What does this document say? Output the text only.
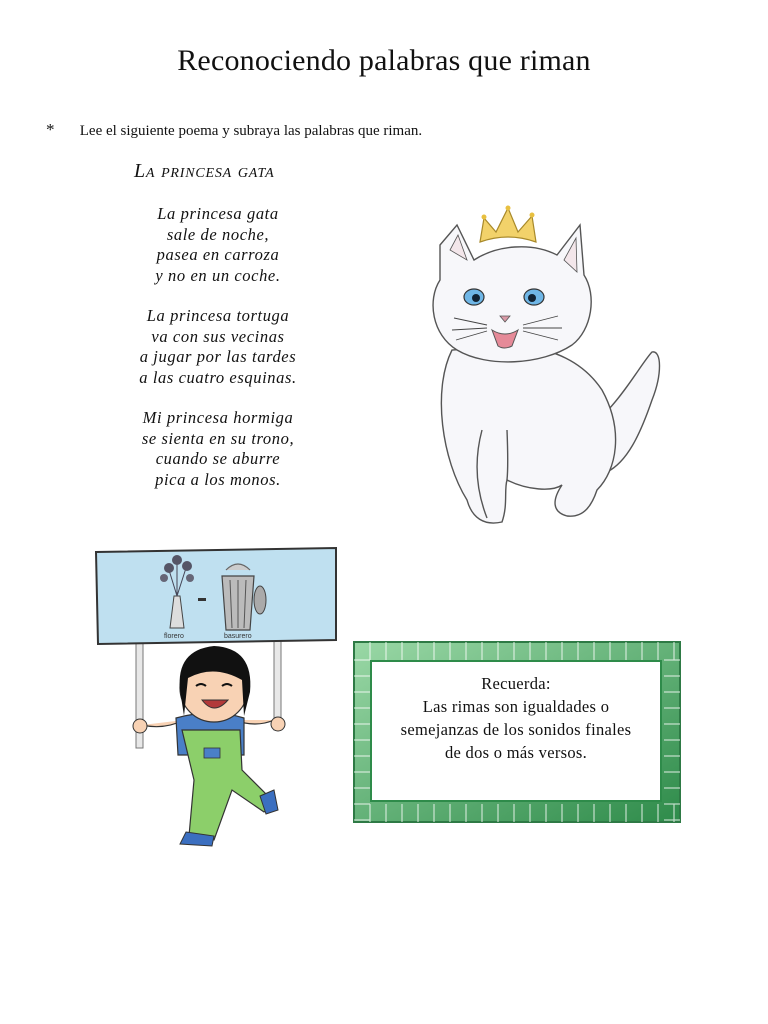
Reconociendo palabras que riman
* Lee el siguiente poema y subraya las palabras que riman.
La princesa gata
La princesa gata
sale de noche,
pasea en carroza
y no en un coche.
La princesa tortuga
va con sus vecinas
a jugar por las tardes
a las cuatro esquinas.
Mi princesa hormiga
se sienta en su trono,
cuando se aburre
pica a los monos.
florero	basurero
Recuerda:
Las rimas son igualdades o
semejanzas de los sonidos finales
de dos o más versos.
